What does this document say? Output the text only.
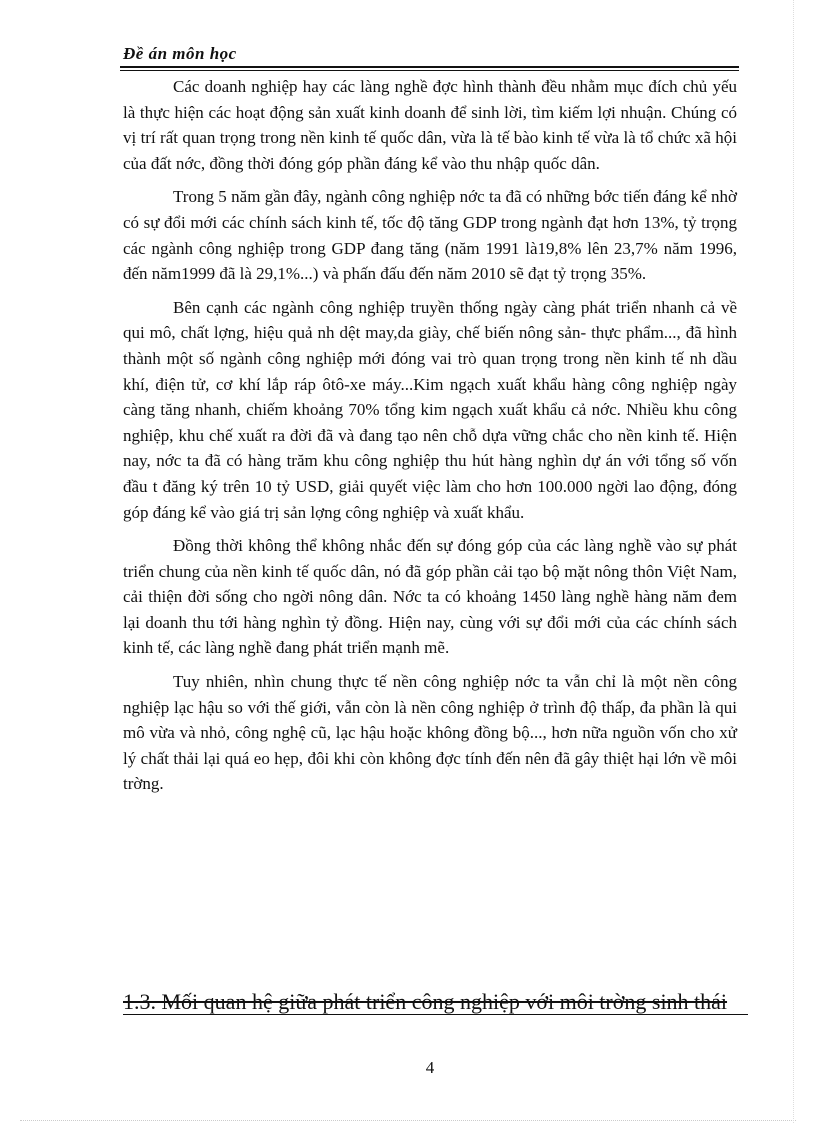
Đề án môn học

Các doanh nghiệp hay các làng nghề đợc hình thành đều nhằm mục đích chủ yếu là thực hiện các hoạt động sản xuất kinh doanh để sinh lời, tìm kiếm lợi nhuận. Chúng có vị trí rất quan trọng trong nền kinh tế quốc dân, vừa là tế bào kinh tế vừa là tổ chức xã hội của đất nớc, đồng thời đóng góp phần đáng kể vào thu nhập quốc dân.

Trong 5 năm gần đây, ngành công nghiệp nớc ta đã có những bớc tiến đáng kể nhờ có sự đổi mới các chính sách kinh tế, tốc độ tăng GDP trong ngành đạt hơn 13%, tỷ trọng các ngành công nghiệp trong GDP đang tăng (năm 1991 là19,8% lên 23,7% năm 1996, đến năm1999 đã là 29,1%...) và phấn đấu đến năm 2010 sẽ đạt tỷ trọng 35%.

Bên cạnh các ngành công nghiệp truyền thống ngày càng phát triển nhanh cả về qui mô, chất lợng, hiệu quả nh dệt may,da giày, chế biến nông sản- thực phẩm..., đã hình thành một số ngành công nghiệp mới đóng vai trò quan trọng trong nền kinh tế nh dầu khí, điện tử, cơ khí lắp ráp ôtô-xe máy...Kim ngạch xuất khẩu hàng công nghiệp ngày càng tăng nhanh, chiếm khoảng 70% tổng kim ngạch xuất khẩu cả nớc. Nhiều khu công nghiệp, khu chế xuất ra đời đã và đang tạo nên chỗ dựa vững chắc cho nền kinh tế. Hiện nay, nớc ta đã có hàng trăm khu công nghiệp thu hút hàng nghìn dự án với tổng số vốn đầu t đăng ký trên 10 tỷ USD, giải quyết việc làm cho hơn 100.000 ngời lao động, đóng góp đáng kể vào giá trị sản lợng công nghiệp và xuất khẩu.

Đồng thời không thể không nhắc đến sự đóng góp của các làng nghề vào sự phát triển chung của nền kinh tế quốc dân, nó đã góp phần cải tạo bộ mặt nông thôn Việt Nam, cải thiện đời sống cho ngời nông dân. Nớc ta có khoảng 1450 làng nghề hàng năm đem lại doanh thu tới hàng nghìn tỷ đồng. Hiện nay, cùng với sự đổi mới của các chính sách kinh tế, các làng nghề đang phát triển mạnh mẽ.

Tuy nhiên, nhìn chung thực tế nền công nghiệp nớc ta vẫn chỉ là một nền công nghiệp lạc hậu so với thế giới, vẫn còn là nền công nghiệp ở trình độ thấp, đa phần là qui mô vừa và nhỏ, công nghệ cũ, lạc hậu hoặc không đồng bộ..., hơn nữa nguồn vốn cho xử lý chất thải lại quá eo hẹp, đôi khi còn không đợc tính đến nên đã gây thiệt hại lớn về môi trờng.

1.3. Mối quan hệ giữa phát triển công nghiệp với môi trờng sinh thái
4
